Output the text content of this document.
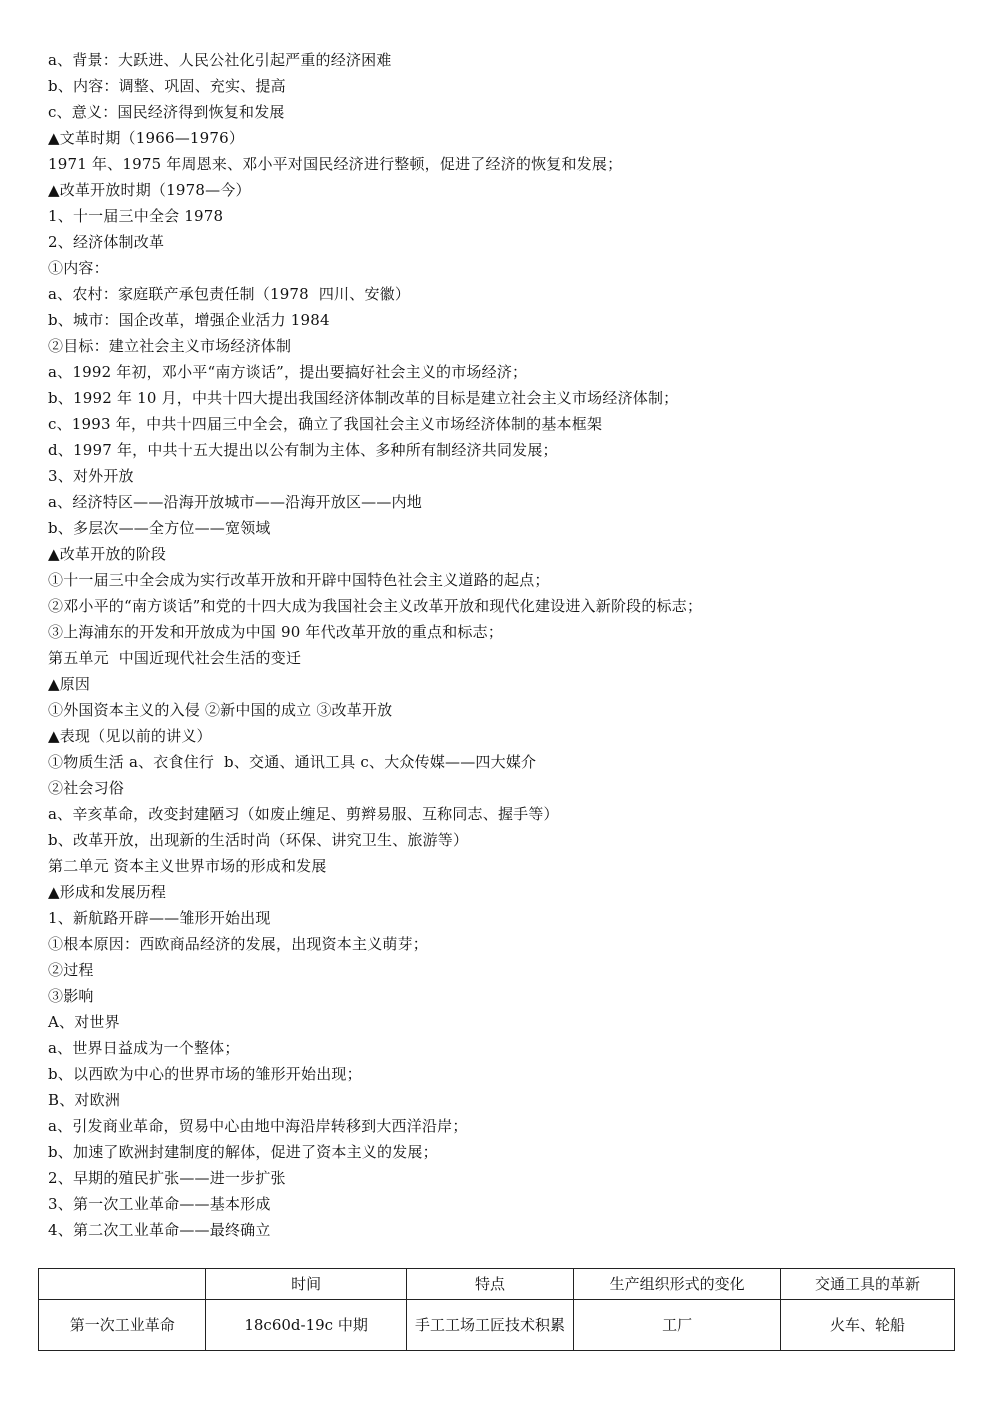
a、背景：大跃进、人民公社化引起严重的经济困难
b、内容：调整、巩固、充实、提高
c、意义：国民经济得到恢复和发展
▲文革时期（1966—1976）
1971 年、1975 年周恩来、邓小平对国民经济进行整顿，促进了经济的恢复和发展；
▲改革开放时期（1978—今）
1、十一届三中全会 1978
2、经济体制改革
①内容：
a、农村：家庭联产承包责任制（1978  四川、安徽）
b、城市：国企改革，增强企业活力 1984
②目标：建立社会主义市场经济体制
a、1992 年初，邓小平“南方谈话”，提出要搞好社会主义的市场经济；
b、1992 年 10 月，中共十四大提出我国经济体制改革的目标是建立社会主义市场经济体制；
c、1993 年，中共十四届三中全会，确立了我国社会主义市场经济体制的基本框架
d、1997 年，中共十五大提出以公有制为主体、多种所有制经济共同发展；
3、对外开放
a、经济特区——沿海开放城市——沿海开放区——内地
b、多层次——全方位——宽领域
▲改革开放的阶段
①十一届三中全会成为实行改革开放和开辟中国特色社会主义道路的起点；
②邓小平的“南方谈话”和党的十四大成为我国社会主义改革开放和现代化建设进入新阶段的标志；
③上海浦东的开发和开放成为中国 90 年代改革开放的重点和标志；
第五单元  中国近现代社会生活的变迁
▲原因
①外国资本主义的入侵 ②新中国的成立 ③改革开放
▲表现（见以前的讲义）
①物质生活 a、衣食住行  b、交通、通讯工具 c、大众传媒——四大媒介
②社会习俗
a、辛亥革命，改变封建陋习（如废止缠足、剪辫易服、互称同志、握手等）
b、改革开放，出现新的生活时尚（环保、讲究卫生、旅游等）
第二单元 资本主义世界市场的形成和发展
▲形成和发展历程
1、新航路开辟——雏形开始出现
①根本原因：西欧商品经济的发展，出现资本主义萌芽；
②过程
③影响
A、对世界
a、世界日益成为一个整体；
b、以西欧为中心的世界市场的雏形开始出现；
B、对欧洲
a、引发商业革命，贸易中心由地中海沿岸转移到大西洋沿岸；
b、加速了欧洲封建制度的解体，促进了资本主义的发展；
2、早期的殖民扩张——进一步扩张
3、第一次工业革命——基本形成
4、第二次工业革命——最终确立
	时间	特点	生产组织形式的变化	交通工具的革新
第一次工业革命	18c60d-19c 中期	手工工场工匠技术积累	工厂	火车、轮船
